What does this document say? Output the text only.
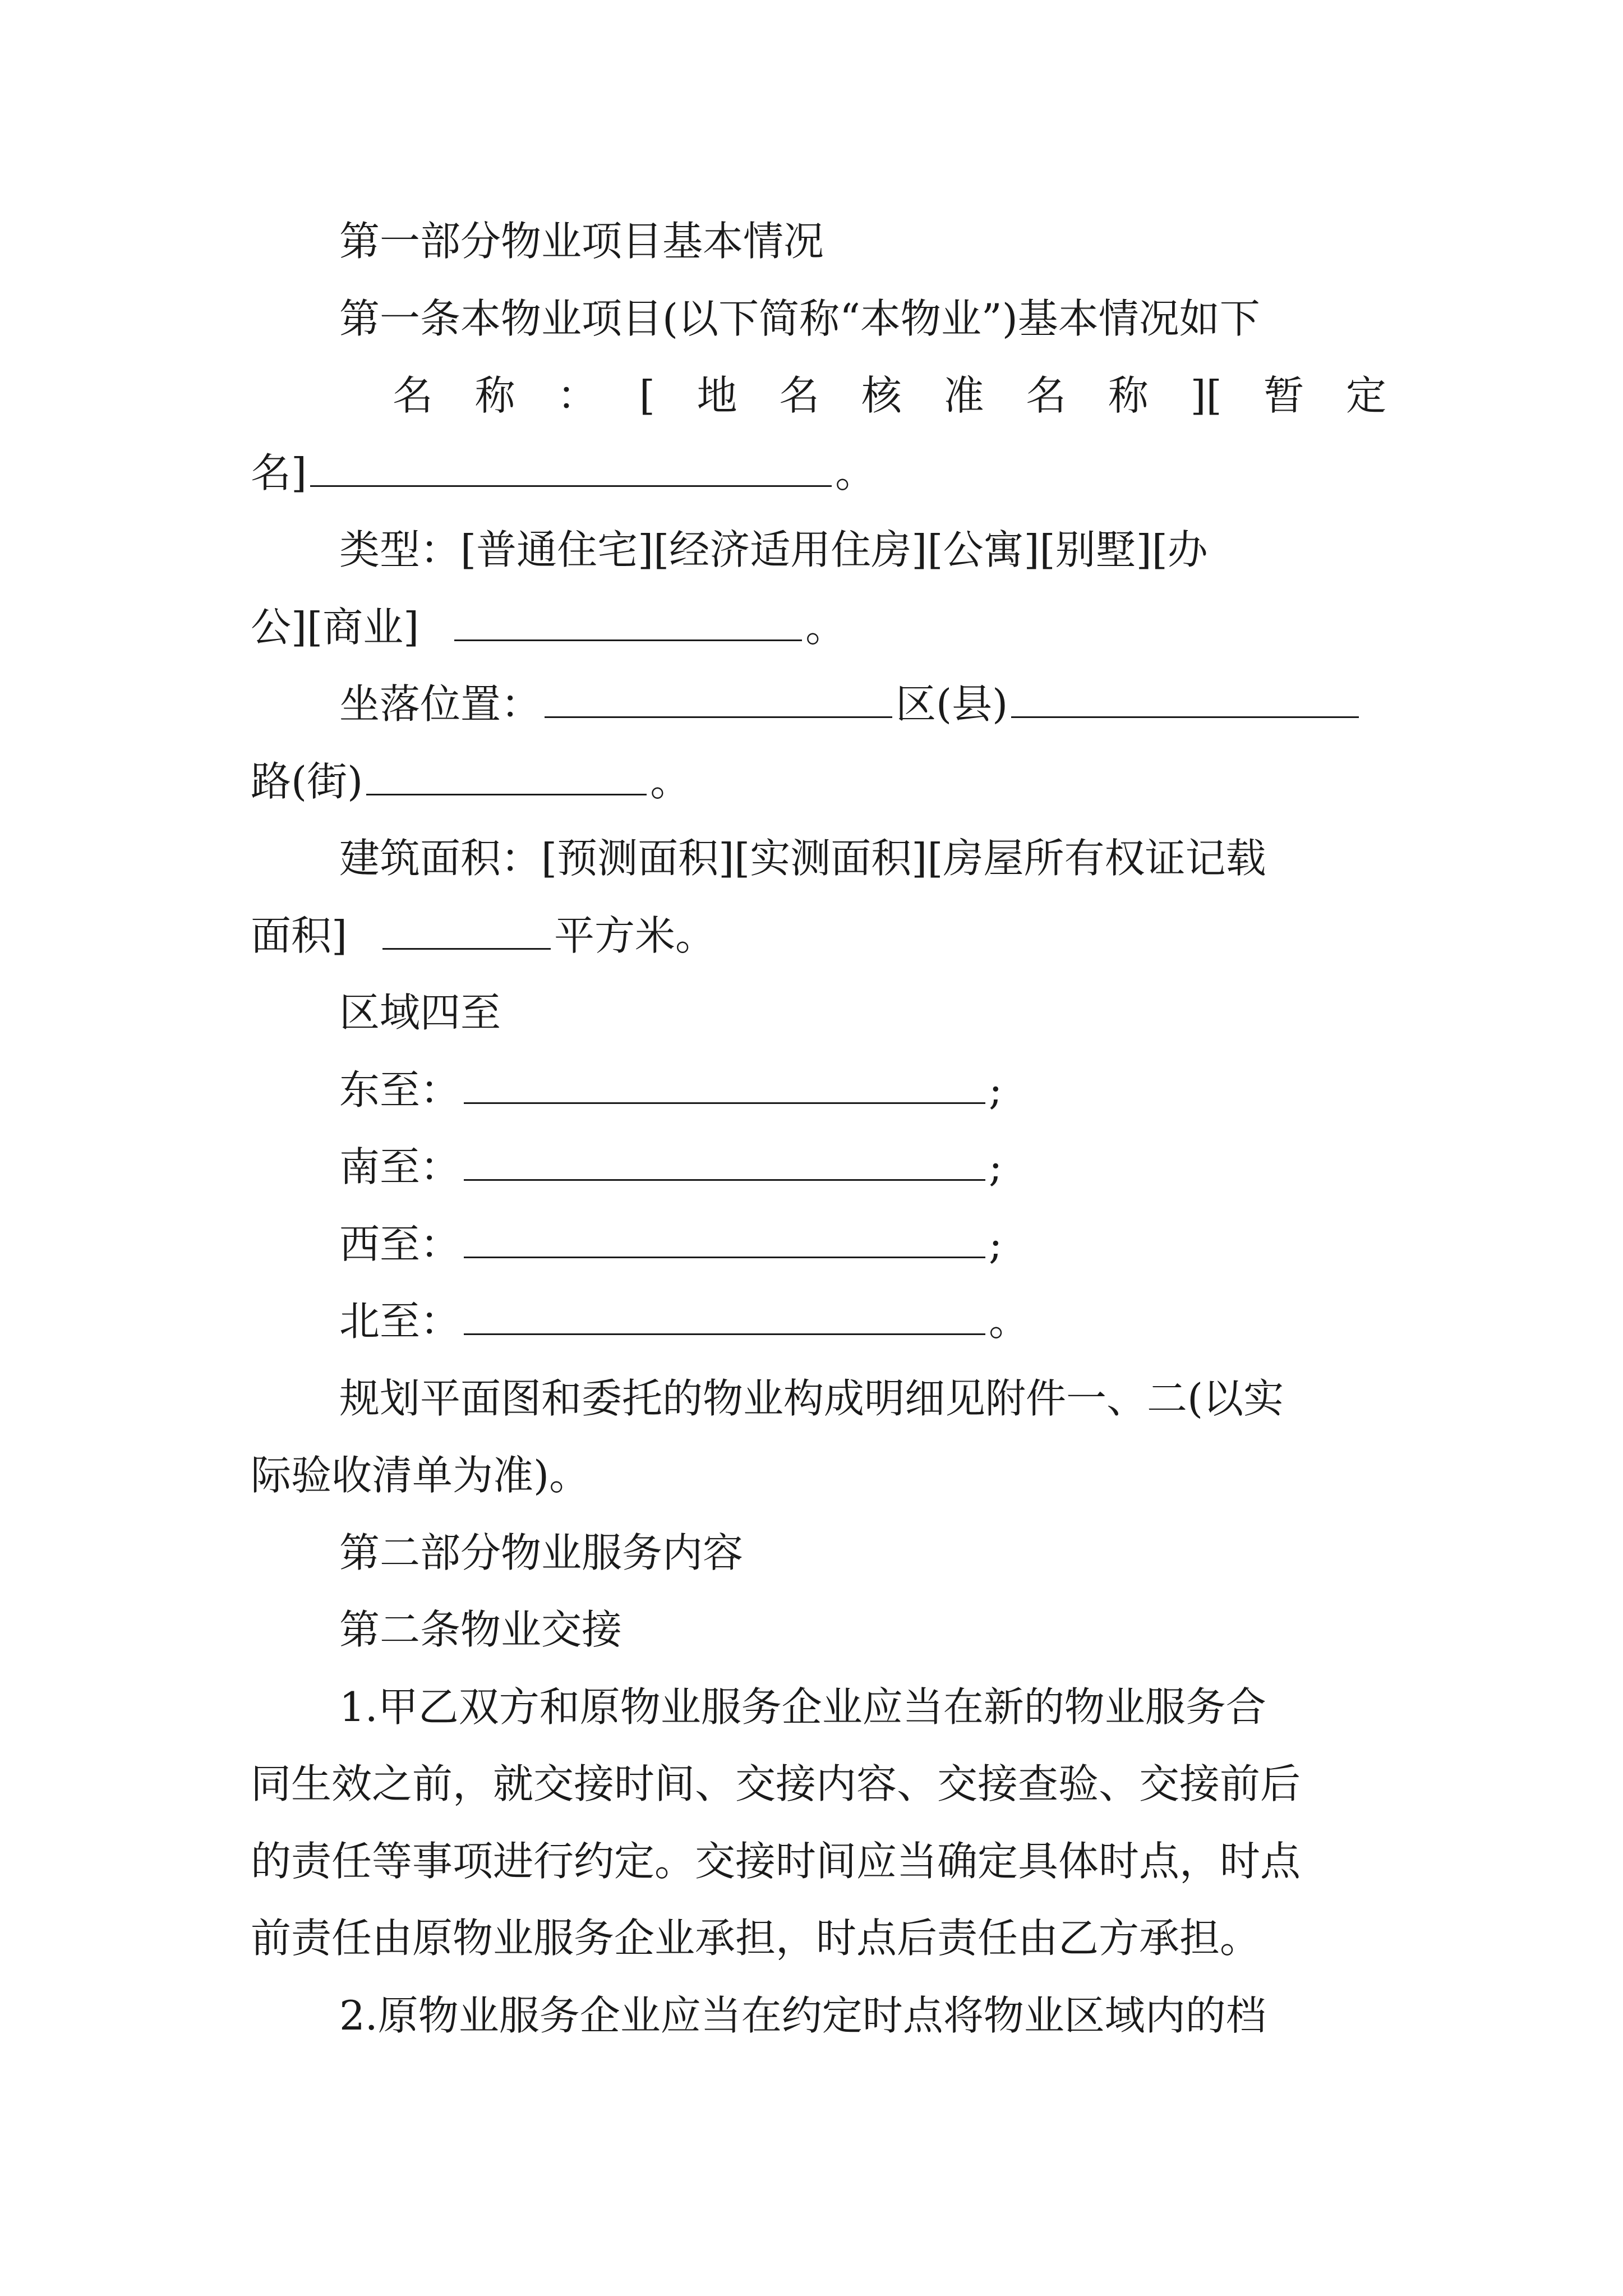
第一部分物业项目基本情况
第一条本物业项目(以下简称“本物业”)基本情况如下
名 称 ： [ 地 名 核 准 名 称 ][ 暂 定
名]	。
类型：[普通住宅][经济适用住房][公寓][别墅][办
公][商业]	。
坐落位置：	区(县)
路(街)	。
建筑面积：[预测面积][实测面积][房屋所有权证记载
面积]	平方米。
区域四至
东至：	;
南至：	;
西至：	;
北至：	。
规划平面图和委托的物业构成明细见附件一、二(以实
际验收清单为准)。
第二部分物业服务内容
第二条物业交接
1.甲乙双方和原物业服务企业应当在新的物业服务合
同生效之前，就交接时间、交接内容、交接查验、交接前后
的责任等事项进行约定。交接时间应当确定具体时点，时点
前责任由原物业服务企业承担，时点后责任由乙方承担。
2.原物业服务企业应当在约定时点将物业区域内的档
